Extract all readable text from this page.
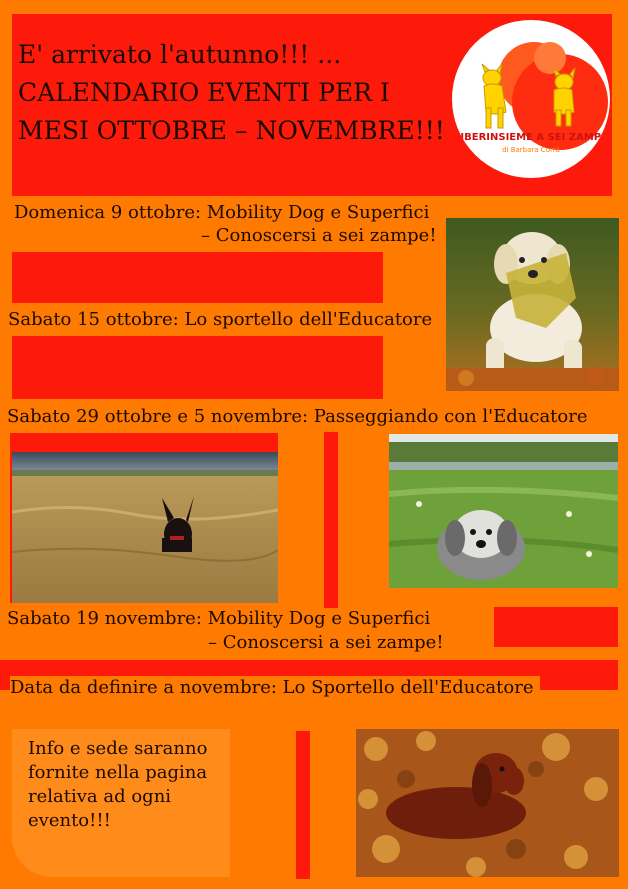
E' arrivato l'autunno!!! ...
CALENDARIO EVENTI PER I
MESI OTTOBRE – NOVEMBRE!!! LIBERINSIEME A SEI ZAMPE
di Barbara Corrà
Domenica 9 ottobre: Mobility Dog e Superfici
– Conoscersi a sei zampe!
Sabato 15 ottobre: Lo sportello dell'Educatore
Sabato 29 ottobre e 5 novembre: Passeggiando con l'Educatore
Sabato 19 novembre: Mobility Dog e Superfici
– Conoscersi a sei zampe!
Data da definire a novembre: Lo Sportello dell'Educatore
Info e sede saranno
fornite nella pagina
relativa ad ogni
evento!!!
